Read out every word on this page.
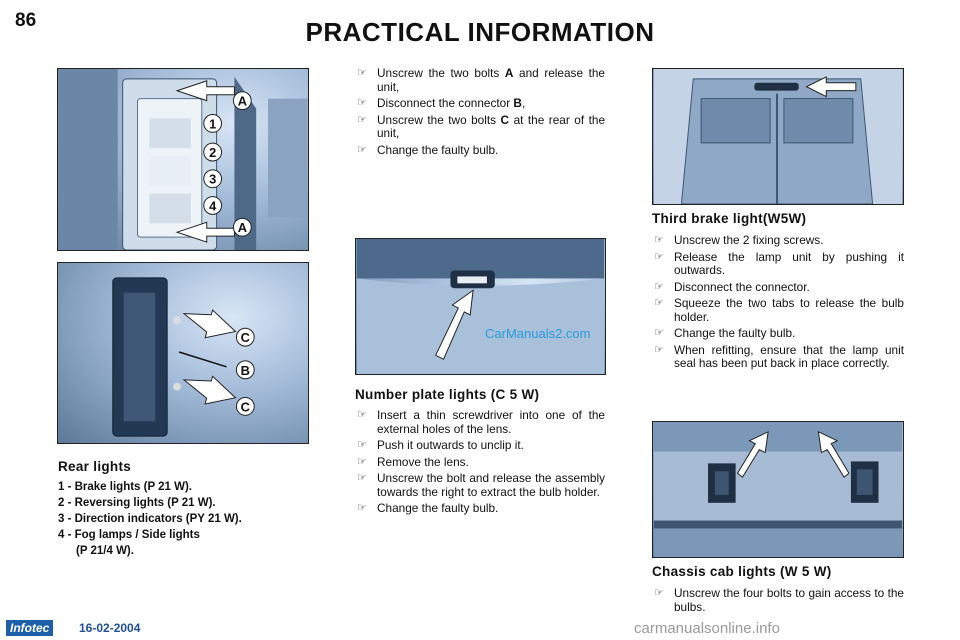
86	PRACTICAL INFORMATION
A
1
2
3
4
A
C
B
C
Rear lights
1 - Brake lights (P 21 W).
2 - Reversing lights (P 21 W).
3 - Direction indicators (PY 21 W).
4 - Fog lamps / Side lights
(P 21/4 W).
☞ Unscrew the two bolts A and release the unit,
☞ Disconnect the connector B,
☞ Unscrew the two bolts C at the rear of the unit,
☞ Change the faulty bulb.
CarManuals2.com
Number plate lights (C 5 W)
☞ Insert a thin screwdriver into one of the external holes of the lens.
☞ Push it outwards to unclip it.
☞ Remove the lens.
☞ Unscrew the bolt and release the assembly towards the right to extract the bulb holder.
☞ Change the faulty bulb.
Third brake light(W5W)
☞ Unscrew the 2 fixing screws.
☞ Release the lamp unit by pushing it outwards.
☞ Disconnect the connector.
☞ Squeeze the two tabs to release the bulb holder.
☞ Change the faulty bulb.
☞ When refitting, ensure that the lamp unit seal has been put back in place correctly.
Chassis cab lights (W 5 W)
☞ Unscrew the four bolts to gain access to the bulbs.
Infotec	16-02-2004	carmanualsonline.info
